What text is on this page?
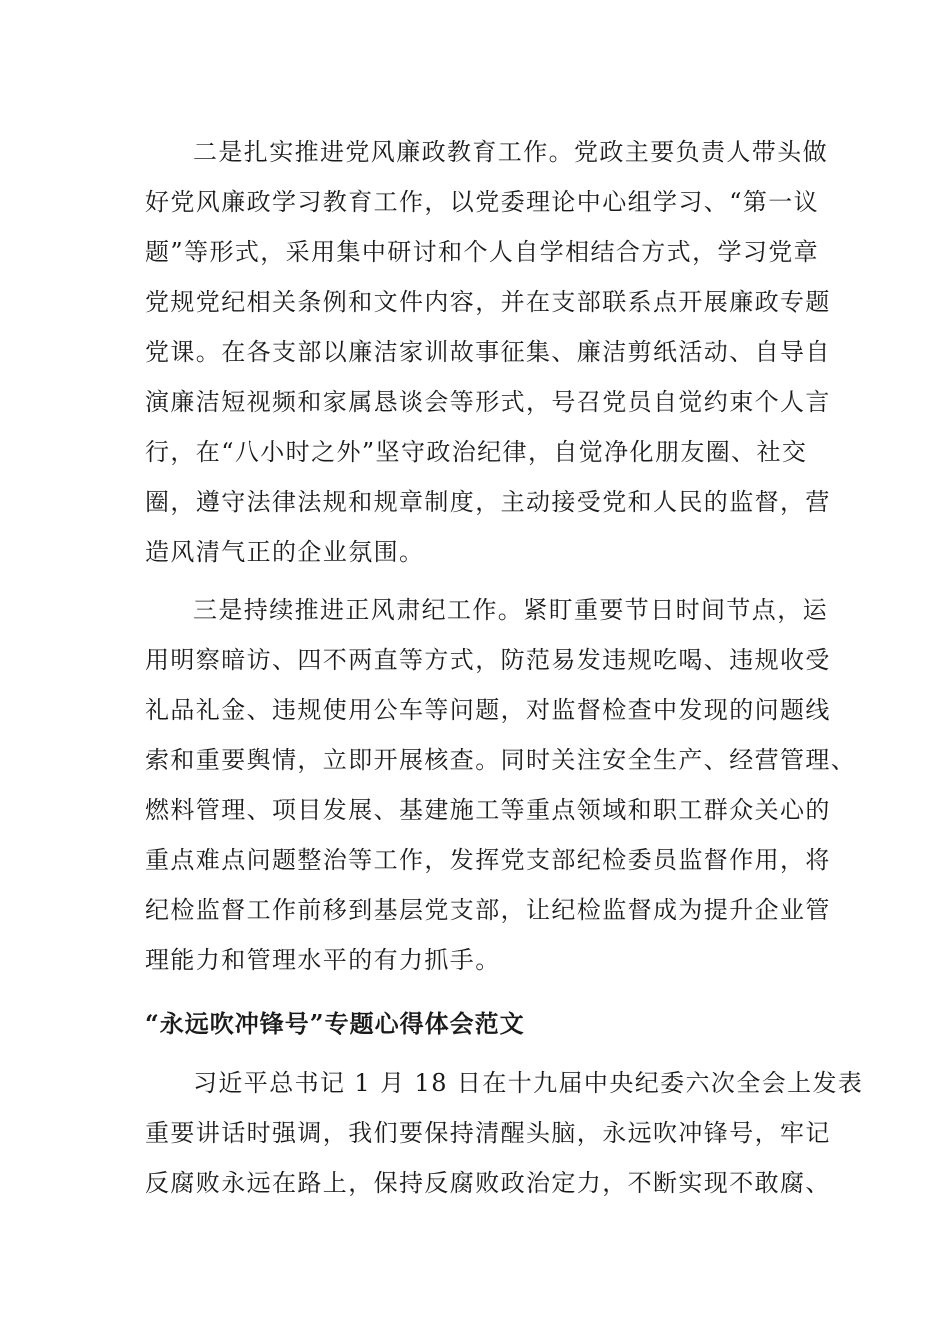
二是扎实推进党风廉政教育工作。党政主要负责人带头做
好党风廉政学习教育工作，以党委理论中心组学习、“第一议
题”等形式，采用集中研讨和个人自学相结合方式，学习党章
党规党纪相关条例和文件内容，并在支部联系点开展廉政专题
党课。在各支部以廉洁家训故事征集、廉洁剪纸活动、自导自
演廉洁短视频和家属恳谈会等形式，号召党员自觉约束个人言
行，在“八小时之外”坚守政治纪律，自觉净化朋友圈、社交
圈，遵守法律法规和规章制度，主动接受党和人民的监督，营
造风清气正的企业氛围。
三是持续推进正风肃纪工作。紧盯重要节日时间节点，运
用明察暗访、四不两直等方式，防范易发违规吃喝、违规收受
礼品礼金、违规使用公车等问题，对监督检查中发现的问题线
索和重要舆情，立即开展核查。同时关注安全生产、经营管理、
燃料管理、项目发展、基建施工等重点领域和职工群众关心的
重点难点问题整治等工作，发挥党支部纪检委员监督作用，将
纪检监督工作前移到基层党支部，让纪检监督成为提升企业管
理能力和管理水平的有力抓手。
“永远吹冲锋号”专题心得体会范文
习近平总书记 1 月 18 日在十九届中央纪委六次全会上发表
重要讲话时强调，我们要保持清醒头脑，永远吹冲锋号，牢记
反腐败永远在路上，保持反腐败政治定力，不断实现不敢腐、
